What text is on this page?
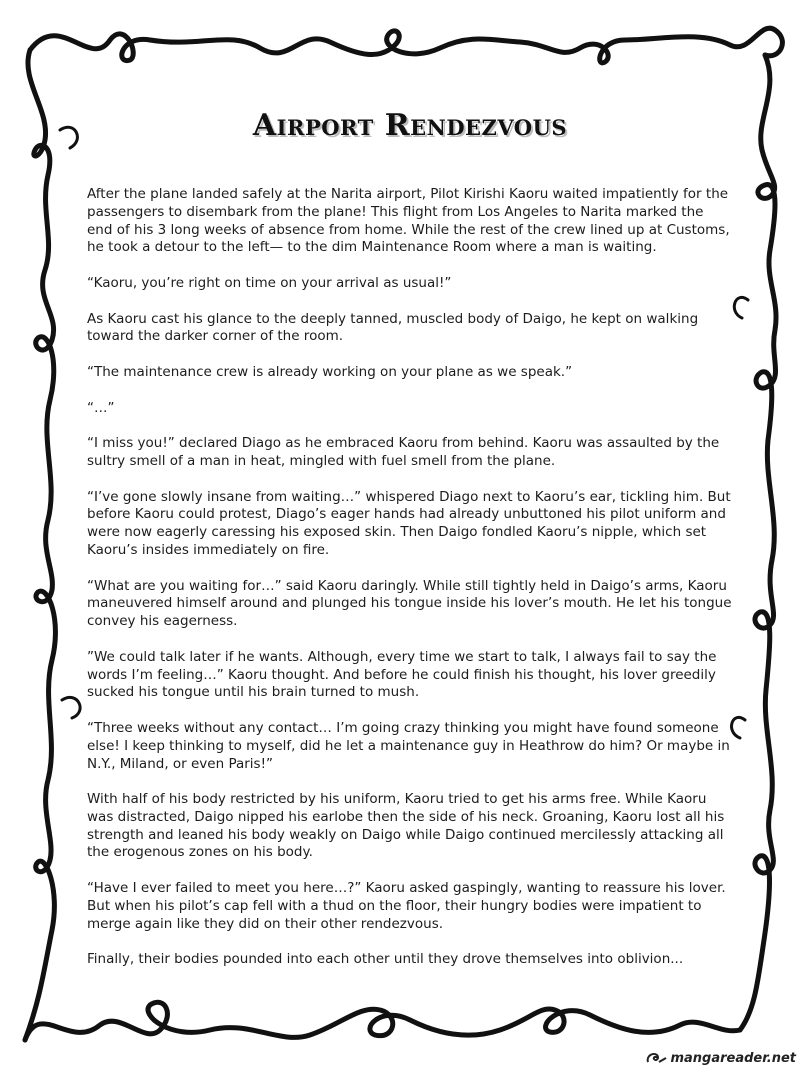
Airport Rendezvous

After the plane landed safely at the Narita airport, Pilot Kirishi Kaoru waited impatiently for the passengers to disembark from the plane! This flight from Los Angeles to Narita marked the end of his 3 long weeks of absence from home. While the rest of the crew lined up at Customs, he took a detour to the left— to the dim Maintenance Room where a man is waiting.

“Kaoru, you’re right on time on your arrival as usual!”

As Kaoru cast his glance to the deeply tanned, muscled body of Daigo, he kept on walking toward the darker corner of the room.

“The maintenance crew is already working on your plane as we speak.”

“…”

“I miss you!” declared Diago as he embraced Kaoru from behind. Kaoru was assaulted by the sultry smell of a man in heat, mingled with fuel smell from the plane.

“I’ve gone slowly insane from waiting…” whispered Diago next to Kaoru’s ear, tickling him. But before Kaoru could protest, Diago’s eager hands had already unbuttoned his pilot uniform and were now eagerly caressing his exposed skin. Then Daigo fondled Kaoru’s nipple, which set Kaoru’s insides immediately on fire.

“What are you waiting for…” said Kaoru daringly. While still tightly held in Daigo’s arms, Kaoru maneuvered himself around and plunged his tongue inside his lover’s mouth. He let his tongue convey his eagerness.

”We could talk later if he wants. Although, every time we start to talk, I always fail to say the words I’m feeling…” Kaoru thought. And before he could finish his thought, his lover greedily sucked his tongue until his brain turned to mush.

“Three weeks without any contact… I’m going crazy thinking you might have found someone else! I keep thinking to myself, did he let a maintenance guy in Heathrow do him? Or maybe in N.Y., Miland, or even Paris!”

With half of his body restricted by his uniform, Kaoru tried to get his arms free. While Kaoru was distracted, Daigo nipped his earlobe then the side of his neck. Groaning, Kaoru lost all his strength and leaned his body weakly on Daigo while Daigo continued mercilessly attacking all the erogenous zones on his body.

“Have I ever failed to meet you here…?” Kaoru asked gaspingly, wanting to reassure his lover. But when his pilot’s cap fell with a thud on the floor, their hungry bodies were impatient to merge again like they did on their other rendezvous.

Finally, their bodies pounded into each other until they drove themselves into oblivion...

mangareader.net
